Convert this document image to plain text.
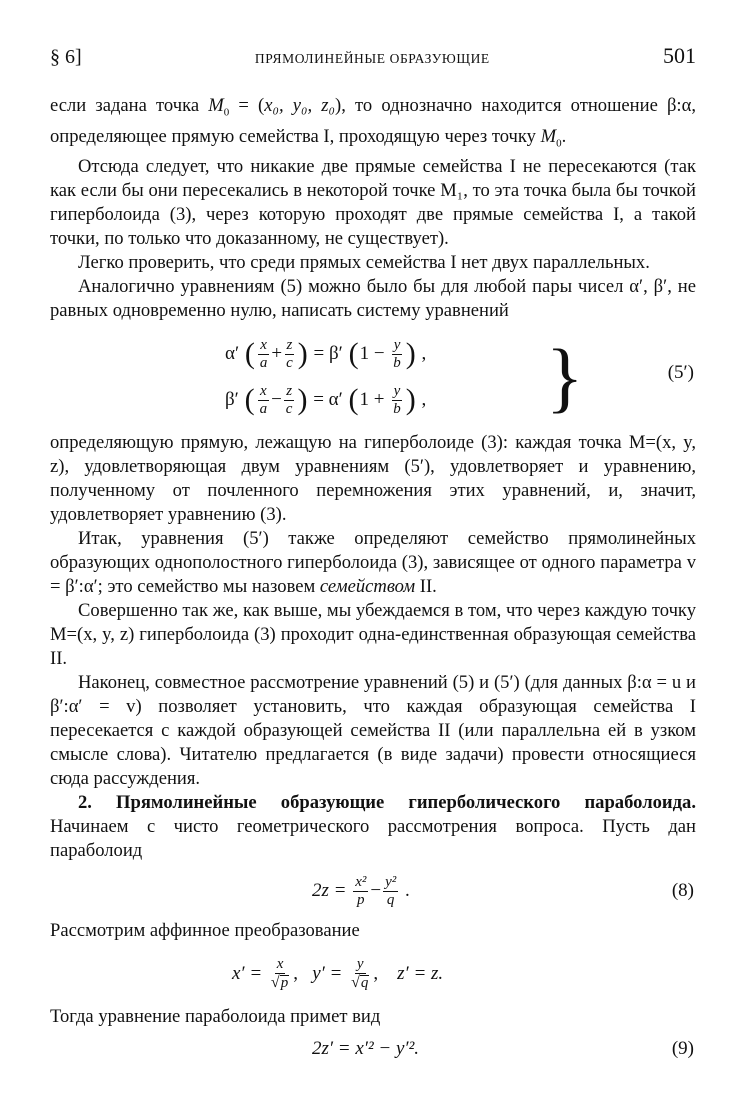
§ 6]	ПРЯМОЛИНЕЙНЫЕ ОБРАЗУЮЩИЕ	501

если задана точка $M_0 = (x_0$, y₀, z₀), то однозначно находится отношение β:α, определяющее прямую семейства I, проходящую через точку $M_0$.

Отсюда следует, что никакие две прямые семейства I не пересекаются (так как если бы они пересекались в некоторой точке M₁, то эта точка была бы точкой гиперболоида (3), через которую проходят две прямые семейства I, а такой точки, по только что доказанному, не существует).

Легко проверить, что среди прямых семейства I нет двух параллельных.

Аналогично уравнениям (5) можно было бы для любой пары чисел α′, β′, не равных одновременно нулю, написать систему уравнений

α′
( $\frac{x}{a} + \frac{z}{c}$ )
= β′
( 1
−
$\frac{y}{b}$ ) ,
β′
( $\frac{x}{a} - \frac{z}{c}$ )
= α′
( 1
+
$\frac{y}{b}$ ) , }	(5′)

определяющую прямую, лежащую на гиперболоиде (3): каждая точка M=(x, y, z), удовлетворяющая двум уравнениям (5′), удовлетворяет и уравнению, полученному от почленного перемножения этих уравнений, и, значит, удовлетворяет уравнению (3).

Итак, уравнения (5′) также определяют семейство прямолинейных образующих однополостного гиперболоида (3), зависящее от одного параметра v = β′:α′; это семейство мы назовем семейством II.

Совершенно так же, как выше, мы убеждаемся в том, что через каждую точку M=(x, y, z) гиперболоида (3) проходит одна-единственная образующая семейства II.

Наконец, совместное рассмотрение уравнений (5) и (5′) (для данных β:α = u и β′:α′ = v) позволяет установить, что каждая образующая семейства I пересекается с каждой образующей семейства II (или параллельна ей в узком смысле слова). Читателю предлагается (в виде задачи) провести относящиеся сюда рассуждения.

2. Прямолинейные образующие гиперболического параболоида. Начинаем с чисто геометрического рассмотрения вопроса. Пусть дан параболоид

2z =
$\frac{\text{x²}}{p} - \frac{\text{y²}}{q}$ .	(8)

Рассмотрим аффинное преобразование

x′ =
$\frac{x}{√ p}$ , y′ =
$\frac{y}{√ q}$ , z′ = z.

Тогда уравнение параболоида примет вид

2z′ = x′² − y′².	(9)
